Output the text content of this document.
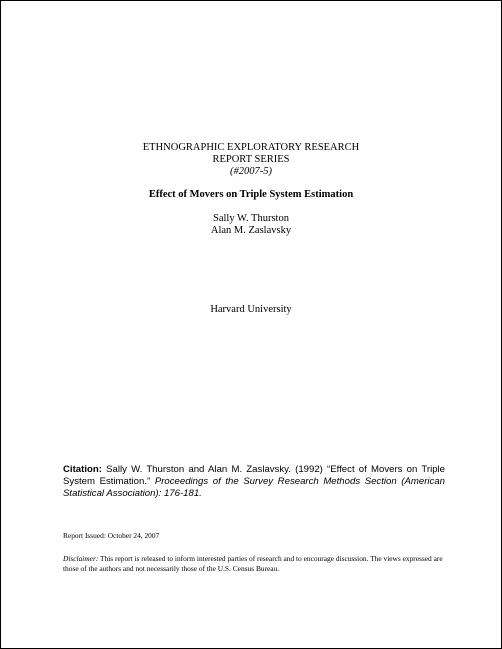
ETHNOGRAPHIC EXPLORATORY RESEARCH
REPORT SERIES
(#2007-5)
Effect of Movers on Triple System Estimation
Sally W. Thurston
Alan M. Zaslavsky
Harvard University
Citation: Sally W. Thurston and Alan M. Zaslavsky. (1992) “Effect of Movers on Triple System Estimation.” Proceedings of the Survey Research Methods Section (American Statistical Association): 176-181.
Report Issued: October 24, 2007
Disclaimer: This report is released to inform interested parties of research and to encourage discussion. The views expressed are those of the authors and not necessarily those of the U.S. Census Bureau.
